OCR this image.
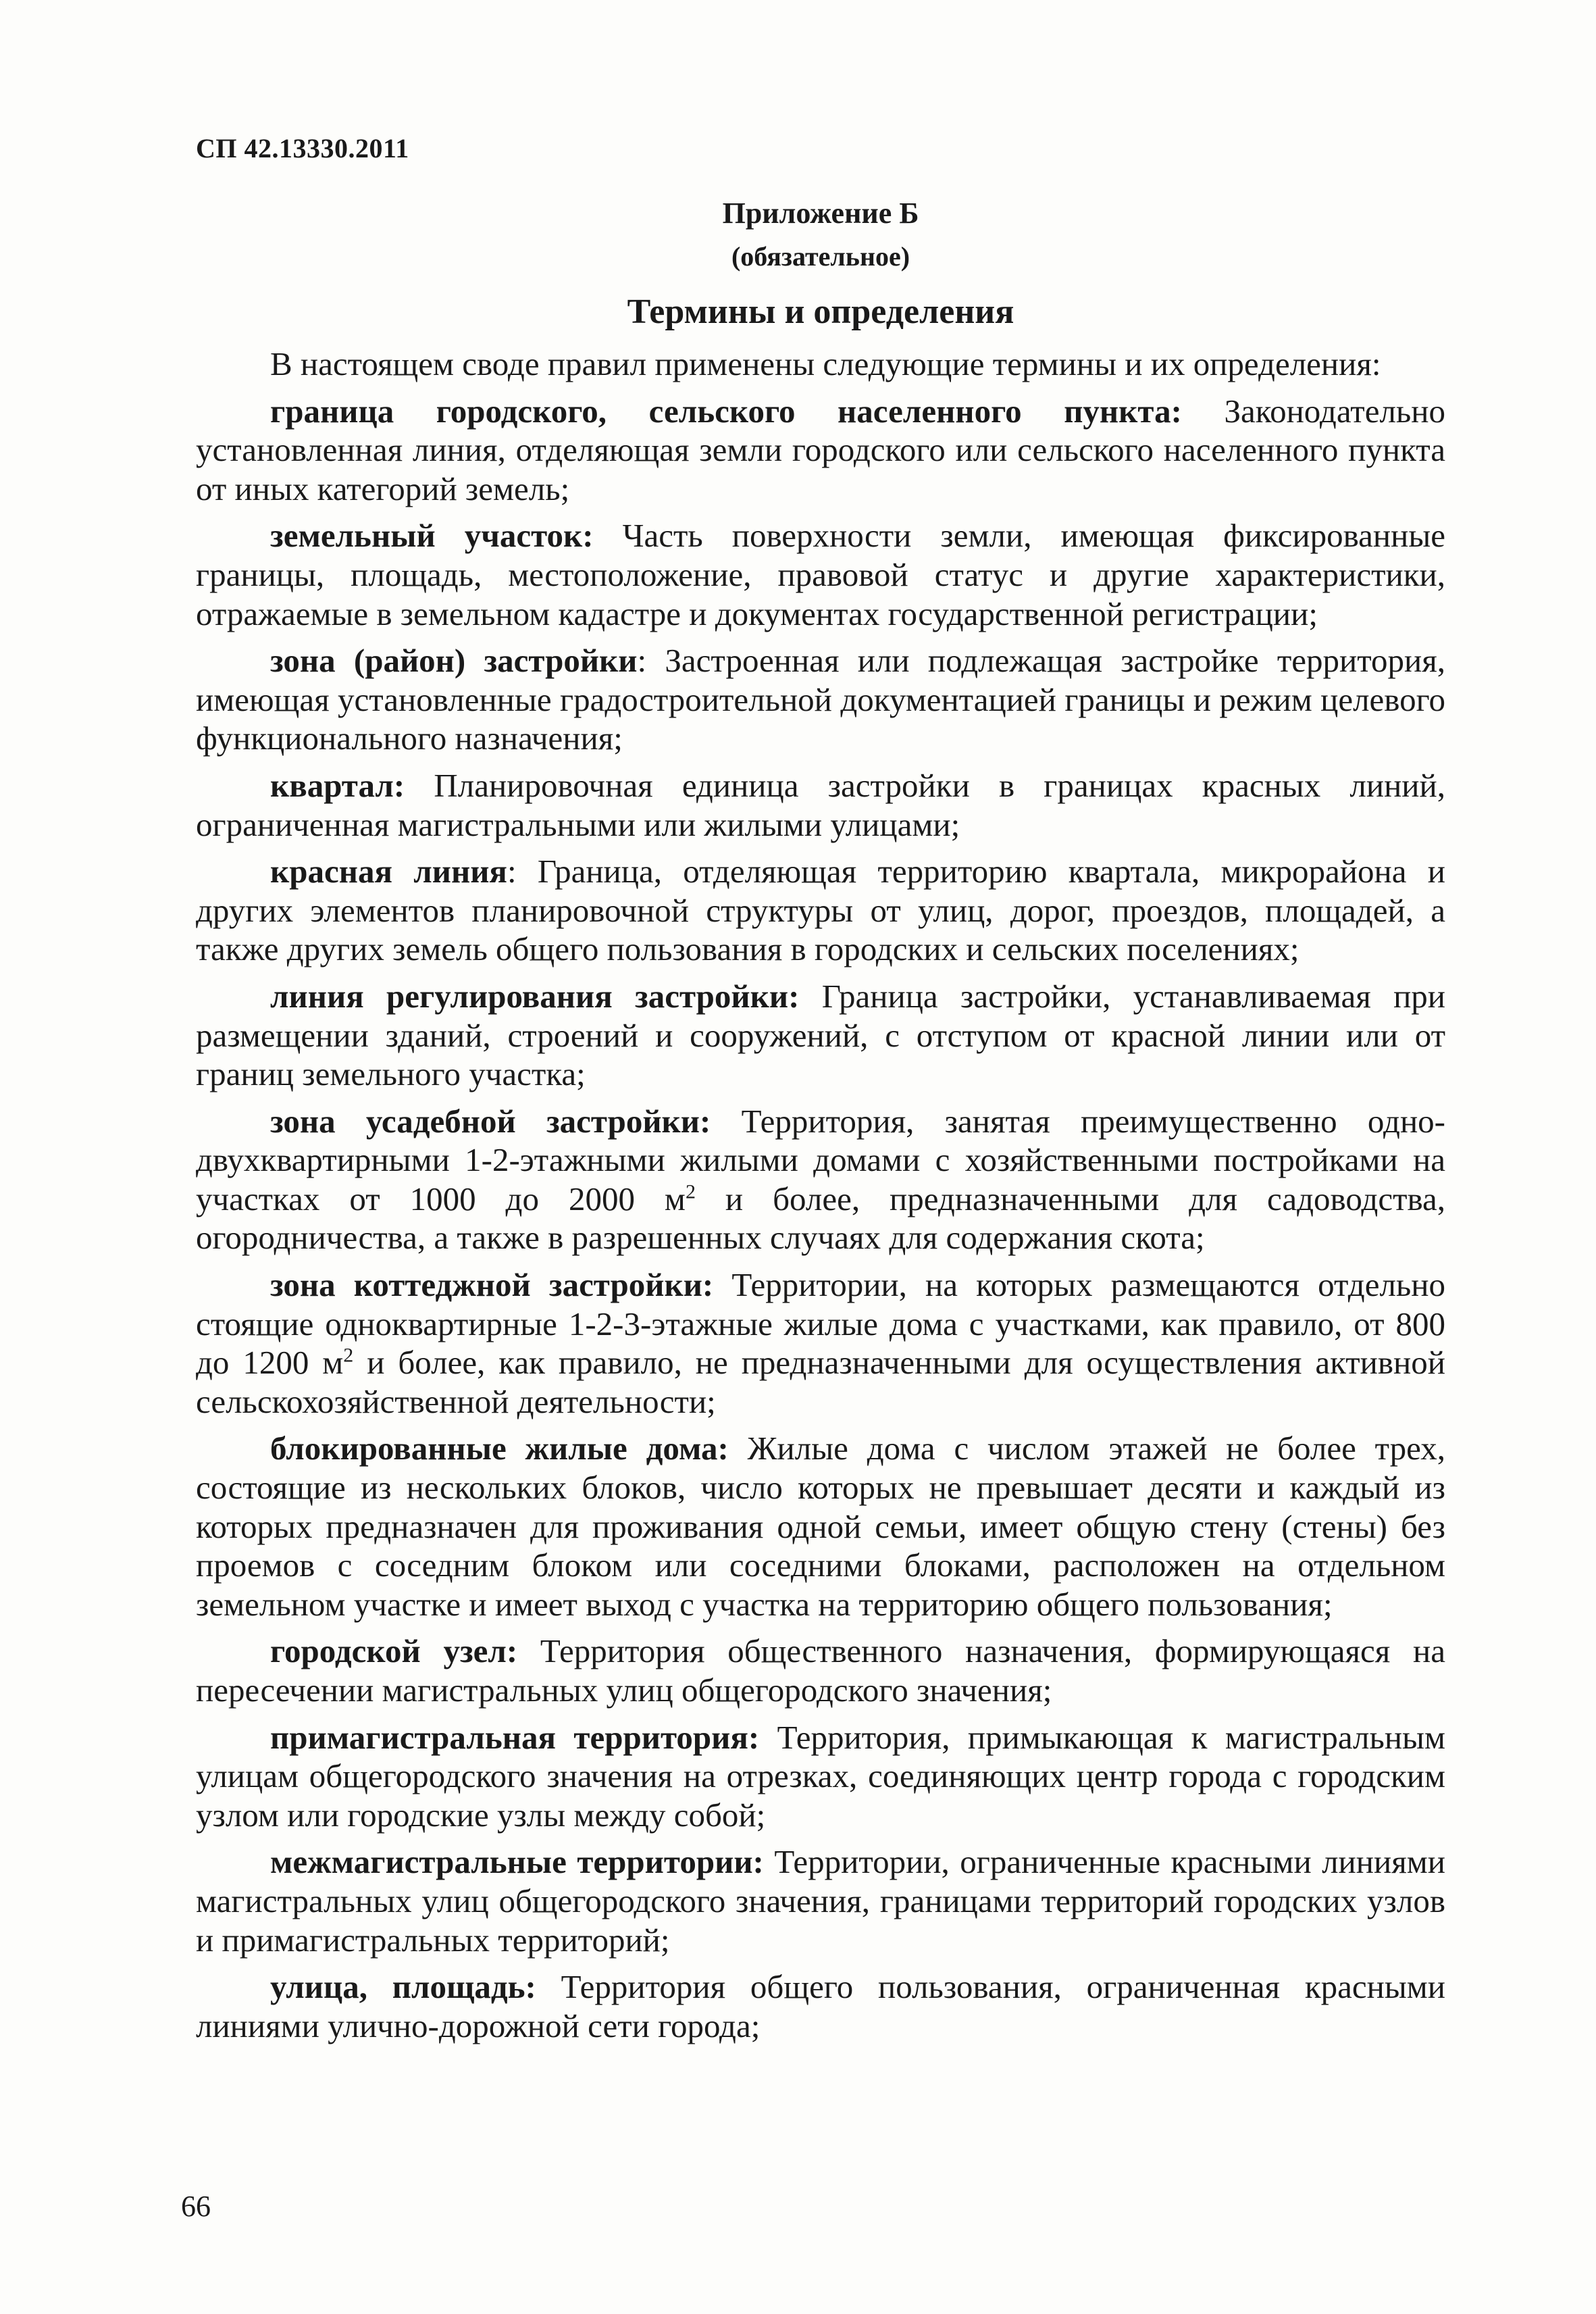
СП 42.13330.2011
Приложение Б
(обязательное)
Термины и определения

В настоящем своде правил применены следующие термины и их определения:

граница городского, сельского населенного пункта: Законодательно установленная линия, отделяющая земли городского или сельского населенного пункта от иных категорий земель;

земельный участок: Часть поверхности земли, имеющая фиксированные границы, площадь, местоположение, правовой статус и другие характеристики, отражаемые в земельном кадастре и документах государственной регистрации;

зона (район) застройки: Застроенная или подлежащая застройке территория, имеющая установленные градостроительной документацией границы и режим целевого функционального назначения;

квартал: Планировочная единица застройки в границах красных линий, ограниченная магистральными или жилыми улицами;

красная линия: Граница, отделяющая территорию квартала, микрорайона и других элементов планировочной структуры от улиц, дорог, проездов, площадей, а также других земель общего пользования в городских и сельских поселениях;

линия регулирования застройки: Граница застройки, устанавливаемая при размещении зданий, строений и сооружений, с отступом от красной линии или от границ земельного участка;

зона усадебной застройки: Территория, занятая преимущественно одно-двухквартирными 1-2-этажными жилыми домами с хозяйственными постройками на участках от 1000 до 2000 $м^2$ и более, предназначенными для садоводства, огородничества, а также в разрешенных случаях для содержания скота;

зона коттеджной застройки: Территории, на которых размещаются отдельно стоящие одноквартирные 1-2-3-этажные жилые дома с участками, как правило, от 800 до 1200 $м^2$ и более, как правило, не предназначенными для осуществления активной сельскохозяйственной деятельности;

блокированные жилые дома: Жилые дома с числом этажей не более трех, состоящие из нескольких блоков, число которых не превышает десяти и каждый из которых предназначен для проживания одной семьи, имеет общую стену (стены) без проемов с соседним блоком или соседними блоками, расположен на отдельном земельном участке и имеет выход с участка на территорию общего пользования;

городской узел: Территория общественного назначения, формирующаяся на пересечении магистральных улиц общегородского значения;

примагистральная территория: Территория, примыкающая к магистральным улицам общегородского значения на отрезках, соединяющих центр города с городским узлом или городские узлы между собой;

межмагистральные территории: Территории, ограниченные красными линиями магистральных улиц общегородского значения, границами территорий городских узлов и примагистральных территорий;

улица, площадь: Территория общего пользования, ограниченная красными линиями улично-дорожной сети города;

66
